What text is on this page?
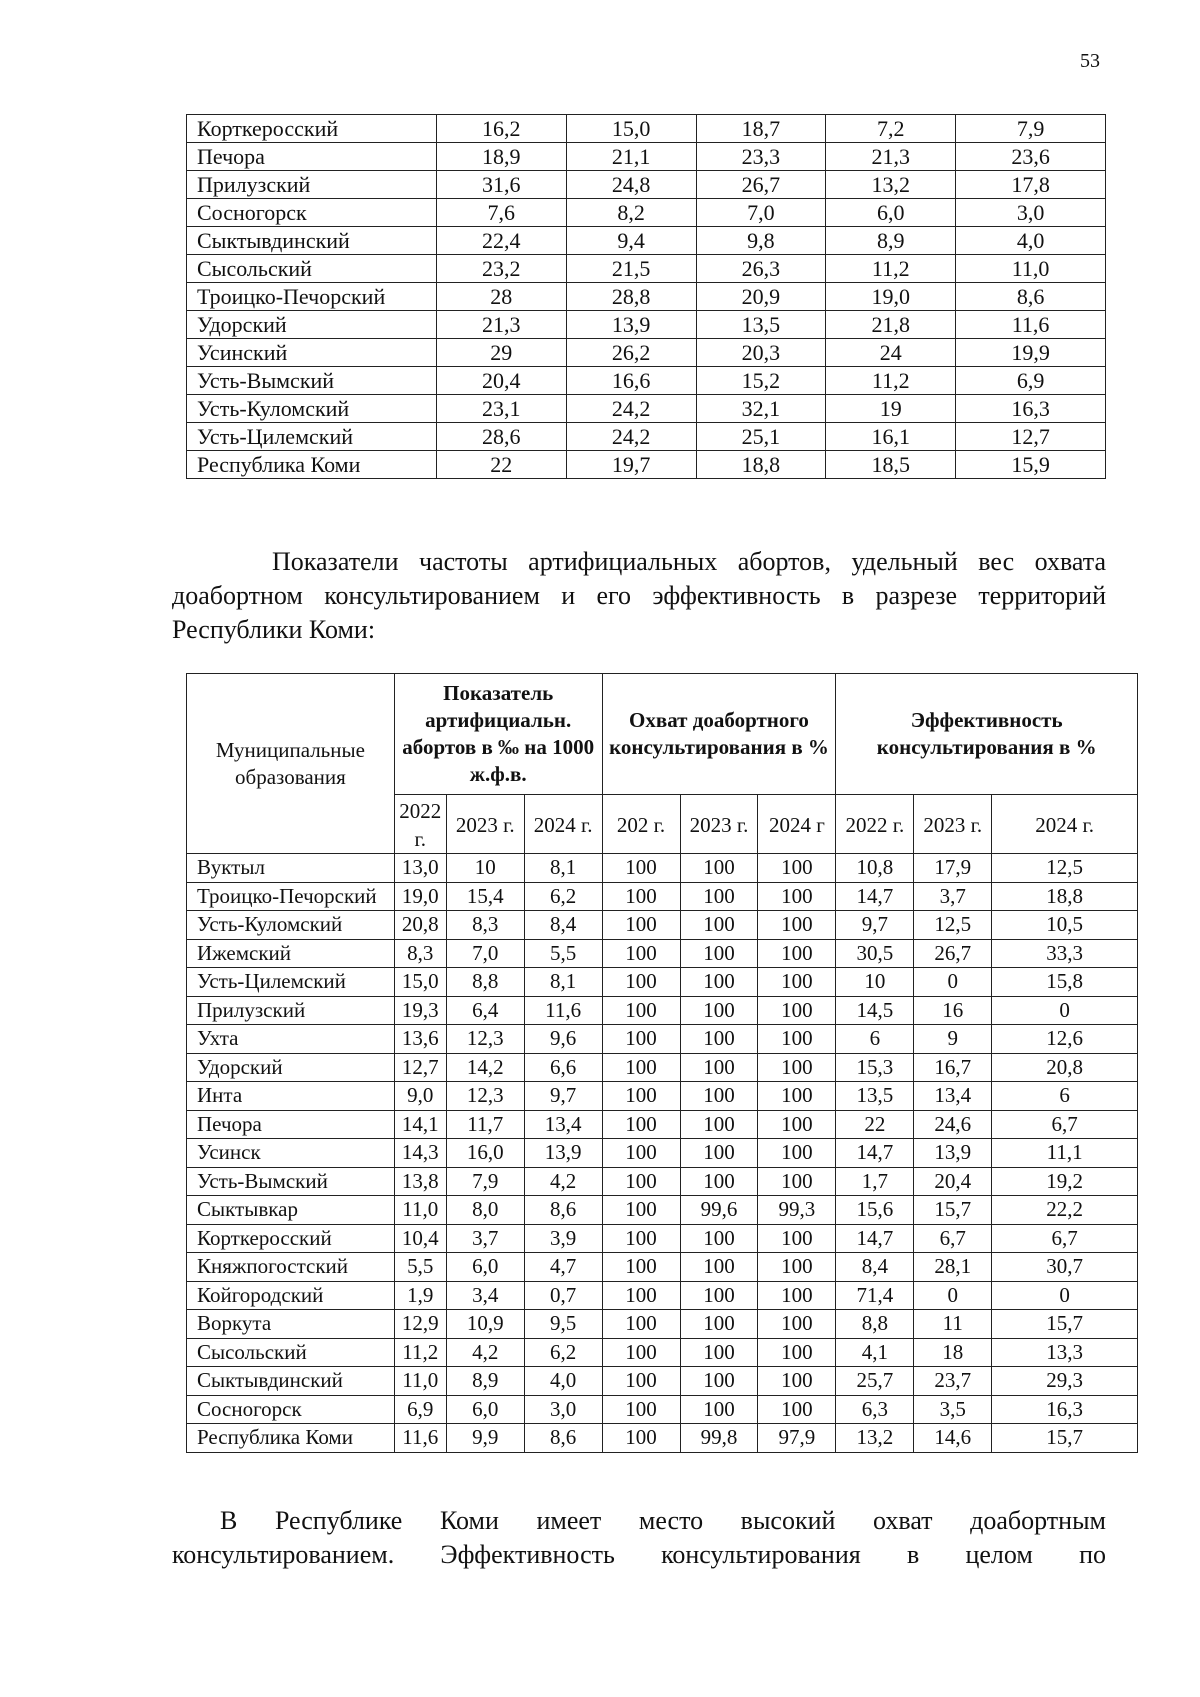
53
Корткеросский	16,2	15,0	18,7	7,2	7,9
Печора	18,9	21,1	23,3	21,3	23,6
Прилузский	31,6	24,8	26,7	13,2	17,8
Сосногорск	7,6	8,2	7,0	6,0	3,0
Сыктывдинский	22,4	9,4	9,8	8,9	4,0
Сысольский	23,2	21,5	26,3	11,2	11,0
Троицко-Печорский	28	28,8	20,9	19,0	8,6
Удорский	21,3	13,9	13,5	21,8	11,6
Усинский	29	26,2	20,3	24	19,9
Усть-Вымский	20,4	16,6	15,2	11,2	6,9
Усть-Куломский	23,1	24,2	32,1	19	16,3
Усть-Цилемский	28,6	24,2	25,1	16,1	12,7
Республика Коми	22	19,7	18,8	18,5	15,9
Показатели частоты артифициальных абортов, удельный вес охвата доабортном консультированием и его эффективность в разрезе территорий Республики Коми:
Муниципальные образования	Показатель артифициальн. абортов в ‰ на 1000 ж.ф.в.			Охват доабортного консультирования в %			Эффективность консультирования в %		
	2022 г.	2023 г.	2024 г.	202 г.	2023 г.	2024 г	2022 г.	2023 г.	2024 г.
Вуктыл	13,0	10	8,1	100	100	100	10,8	17,9	12,5
Троицко-Печорский	19,0	15,4	6,2	100	100	100	14,7	3,7	18,8
Усть-Куломский	20,8	8,3	8,4	100	100	100	9,7	12,5	10,5
Ижемский	8,3	7,0	5,5	100	100	100	30,5	26,7	33,3
Усть-Цилемский	15,0	8,8	8,1	100	100	100	10	0	15,8
Прилузский	19,3	6,4	11,6	100	100	100	14,5	16	0
Ухта	13,6	12,3	9,6	100	100	100	6	9	12,6
Удорский	12,7	14,2	6,6	100	100	100	15,3	16,7	20,8
Инта	9,0	12,3	9,7	100	100	100	13,5	13,4	6
Печора	14,1	11,7	13,4	100	100	100	22	24,6	6,7
Усинск	14,3	16,0	13,9	100	100	100	14,7	13,9	11,1
Усть-Вымский	13,8	7,9	4,2	100	100	100	1,7	20,4	19,2
Сыктывкар	11,0	8,0	8,6	100	99,6	99,3	15,6	15,7	22,2
Корткеросский	10,4	3,7	3,9	100	100	100	14,7	6,7	6,7
Княжпогостский	5,5	6,0	4,7	100	100	100	8,4	28,1	30,7
Койгородский	1,9	3,4	0,7	100	100	100	71,4	0	0
Воркута	12,9	10,9	9,5	100	100	100	8,8	11	15,7
Сысольский	11,2	4,2	6,2	100	100	100	4,1	18	13,3
Сыктывдинский	11,0	8,9	4,0	100	100	100	25,7	23,7	29,3
Сосногорск	6,9	6,0	3,0	100	100	100	6,3	3,5	16,3
Республика Коми	11,6	9,9	8,6	100	99,8	97,9	13,2	14,6	15,7
В Республике Коми имеет место высокий охват доабортным консультированием. Эффективность консультирования в целом по
